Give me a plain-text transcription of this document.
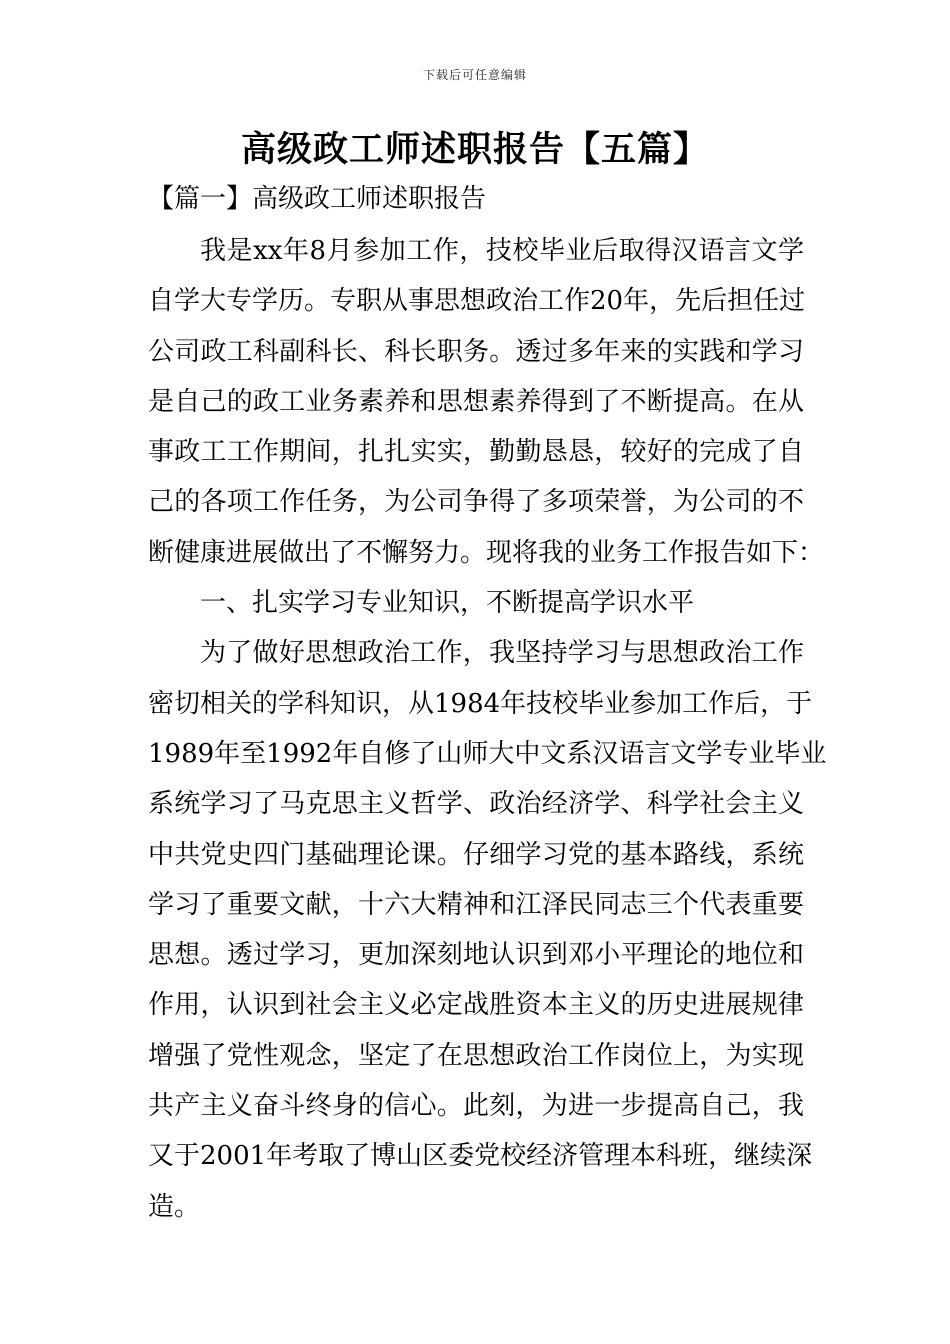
下载后可任意编辑
高级政工师述职报告【五篇】
【篇一】高级政工师述职报告
我是xx年8月参加工作，技校毕业后取得汉语言文学
自学大专学历。专职从事思想政治工作20年，先后担任过
公司政工科副科长、科长职务。透过多年来的实践和学习
是自己的政工业务素养和思想素养得到了不断提高。在从
事政工工作期间，扎扎实实，勤勤恳恳，较好的完成了自
己的各项工作任务，为公司争得了多项荣誉，为公司的不
断健康进展做出了不懈努力。现将我的业务工作报告如下：
一、扎实学习专业知识，不断提高学识水平
为了做好思想政治工作，我坚持学习与思想政治工作
密切相关的学科知识，从1984年技校毕业参加工作后，于
1989年至1992年自修了山师大中文系汉语言文学专业毕业
系统学习了马克思主义哲学、政治经济学、科学社会主义
中共党史四门基础理论课。仔细学习党的基本路线，系统
学习了重要文献，十六大精神和江泽民同志三个代表重要
思想。透过学习，更加深刻地认识到邓小平理论的地位和
作用，认识到社会主义必定战胜资本主义的历史进展规律
增强了党性观念，坚定了在思想政治工作岗位上，为实现
共产主义奋斗终身的信心。此刻，为进一步提高自己，我
又于2001年考取了博山区委党校经济管理本科班，继续深
造。
